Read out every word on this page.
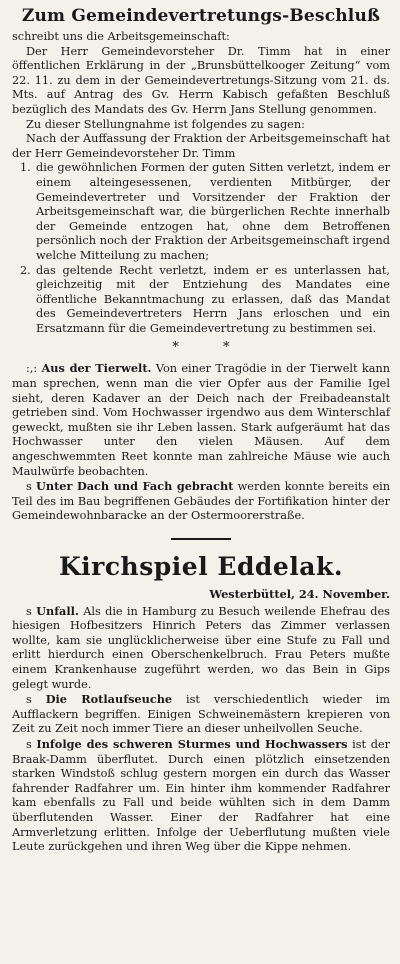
Zum Gemeindevertretungs-Beschluß

schreibt uns die Arbeitsgemeinschaft:

Der Herr Gemeindevorsteher Dr. Timm hat in einer öffentlichen Erklärung in der „Brunsbüttelkooger Zeitung“ vom 22. 11. zu dem in der Gemeindevertretungs-Sitzung vom 21. ds. Mts. auf Antrag des Gv. Herrn Kabisch gefaßten Beschluß bezüglich des Mandats des Gv. Herrn Jans Stellung genommen.

Zu dieser Stellungnahme ist folgendes zu sagen:

Nach der Auffassung der Fraktion der Arbeitsgemeinschaft hat der Herr Gemeindevorsteher Dr. Timm

1. die gewöhnlichen Formen der guten Sitten verletzt, indem er einem alteingesessenen, verdienten Mitbürger, der Gemeindevertreter und Vorsitzender der Fraktion der Arbeitsgemeinschaft war, die bürgerlichen Rechte innerhalb der Gemeinde entzogen hat, ohne dem Betroffenen persönlich noch der Fraktion der Arbeitsgemeinschaft irgend welche Mitteilung zu machen;
2. das geltende Recht verletzt, indem er es unterlassen hat, gleichzeitig mit der Entziehung des Mandates eine öffentliche Bekanntmachung zu erlassen, daß das Mandat des Gemeindevertreters Herrn Jans erloschen und ein Ersatzmann für die Gemeindevertretung zu bestimmen sei.
* *

:,: Aus der Tierwelt. Von einer Tragödie in der Tierwelt kann man sprechen, wenn man die vier Opfer aus der Familie Igel sieht, deren Kadaver an der Deich nach der Freibadeanstalt getrieben sind. Vom Hochwasser irgendwo aus dem Winterschlaf geweckt, mußten sie ihr Leben lassen. Stark aufgeräumt hat das Hochwasser unter den vielen Mäusen. Auf dem angeschwemmten Reet konnte man zahlreiche Mäuse wie auch Maulwürfe beobachten.

s Unter Dach und Fach gebracht werden konnte bereits ein Teil des im Bau begriffenen Gebäudes der Fortifikation hinter der Gemeindewohnbaracke an der Ostermoorerstraße.

Kirchspiel Eddelak.
Westerbüttel, 24. November.

s Unfall. Als die in Hamburg zu Besuch weilende Ehefrau des hiesigen Hofbesitzers Hinrich Peters das Zimmer verlassen wollte, kam sie unglücklicherweise über eine Stufe zu Fall und erlitt hierdurch einen Oberschenkelbruch. Frau Peters mußte einem Krankenhause zugeführt werden, wo das Bein in Gips gelegt wurde.

s Die Rotlaufseuche ist verschiedentlich wieder im Aufflackern begriffen. Einigen Schweinemästern krepieren von Zeit zu Zeit noch immer Tiere an dieser unheilvollen Seuche.

s Infolge des schweren Sturmes und Hochwassers ist der Braak-Damm überflutet. Durch einen plötzlich einsetzenden starken Windstoß schlug gestern morgen ein durch das Wasser fahrender Radfahrer um. Ein hinter ihm kommender Radfahrer kam ebenfalls zu Fall und beide wühlten sich in dem Damm überflutenden Wasser. Einer der Radfahrer hat eine Armverletzung erlitten. Infolge der Ueberflutung mußten viele Leute zurückgehen und ihren Weg über die Kippe nehmen.
